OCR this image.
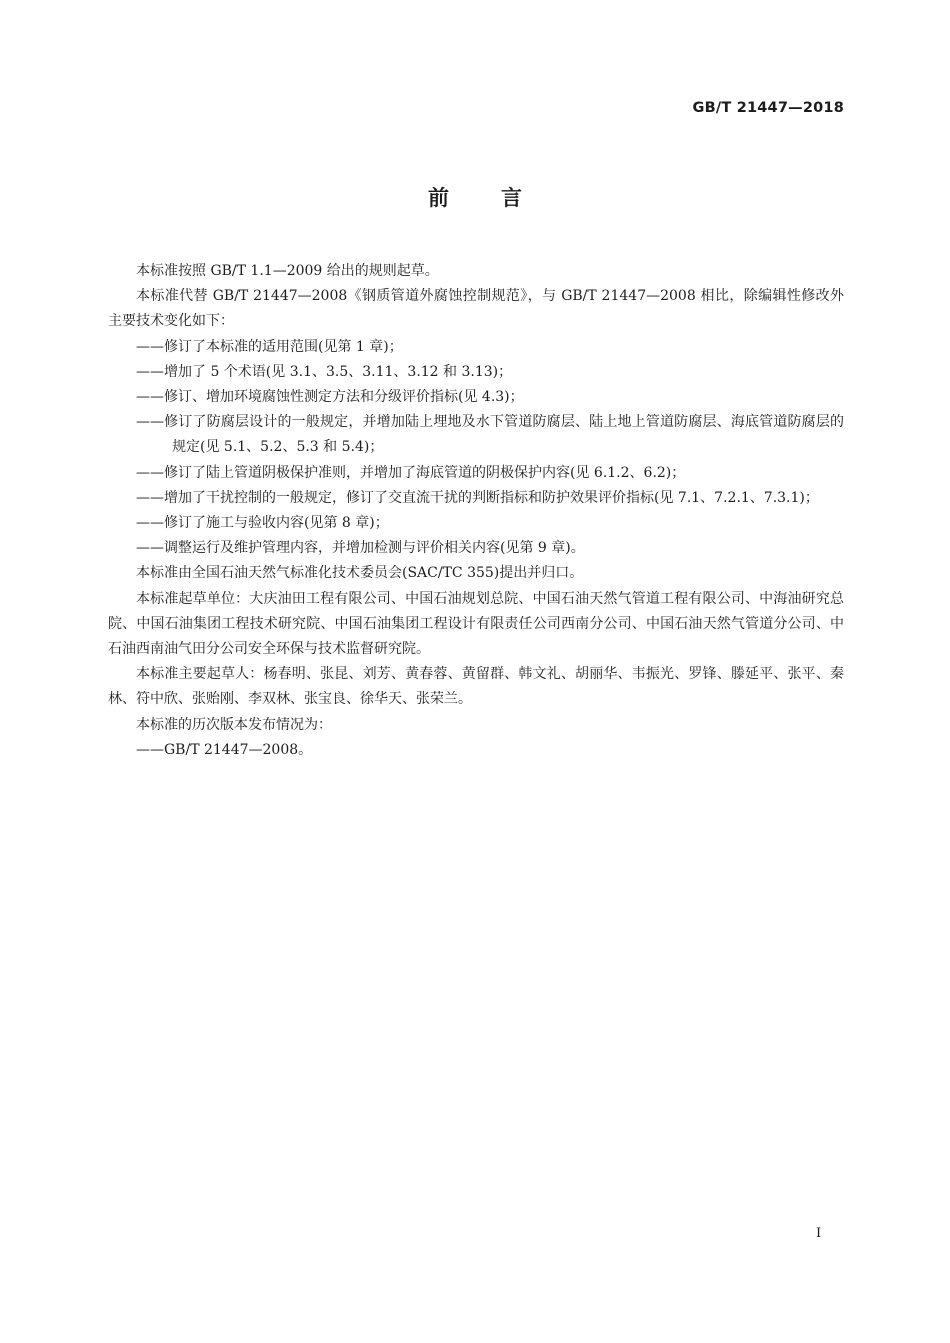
GB/T 21447—2018
前 言

本标准按照 GB/T 1.1—2009 给出的规则起草。

本标准代替 GB/T 21447—2008《钢质管道外腐蚀控制规范》，与 GB/T 21447—2008 相比，除编辑性修改外主要技术变化如下：

——修订了本标准的适用范围(见第 1 章)；

——增加了 5 个术语(见 3.1、3.5、3.11、3.12 和 3.13)；

——修订、增加环境腐蚀性测定方法和分级评价指标(见 4.3)；

——修订了防腐层设计的一般规定，并增加陆上埋地及水下管道防腐层、陆上地上管道防腐层、海底管道防腐层的规定(见 5.1、5.2、5.3 和 5.4)；

——修订了陆上管道阴极保护准则，并增加了海底管道的阴极保护内容(见 6.1.2、6.2)；

——增加了干扰控制的一般规定，修订了交直流干扰的判断指标和防护效果评价指标(见 7.1、7.2.1、7.3.1)；

——修订了施工与验收内容(见第 8 章)；

——调整运行及维护管理内容，并增加检测与评价相关内容(见第 9 章)。

本标准由全国石油天然气标准化技术委员会(SAC/TC 355)提出并归口。

本标准起草单位：大庆油田工程有限公司、中国石油规划总院、中国石油天然气管道工程有限公司、中海油研究总院、中国石油集团工程技术研究院、中国石油集团工程设计有限责任公司西南分公司、中国石油天然气管道分公司、中石油西南油气田分公司安全环保与技术监督研究院。

本标准主要起草人：杨春明、张昆、刘芳、黄春蓉、黄留群、韩文礼、胡丽华、韦振光、罗锋、滕延平、张平、秦林、符中欣、张贻刚、李双林、张宝良、徐华天、张荣兰。

本标准的历次版本发布情况为：

——GB/T 21447—2008。

I
